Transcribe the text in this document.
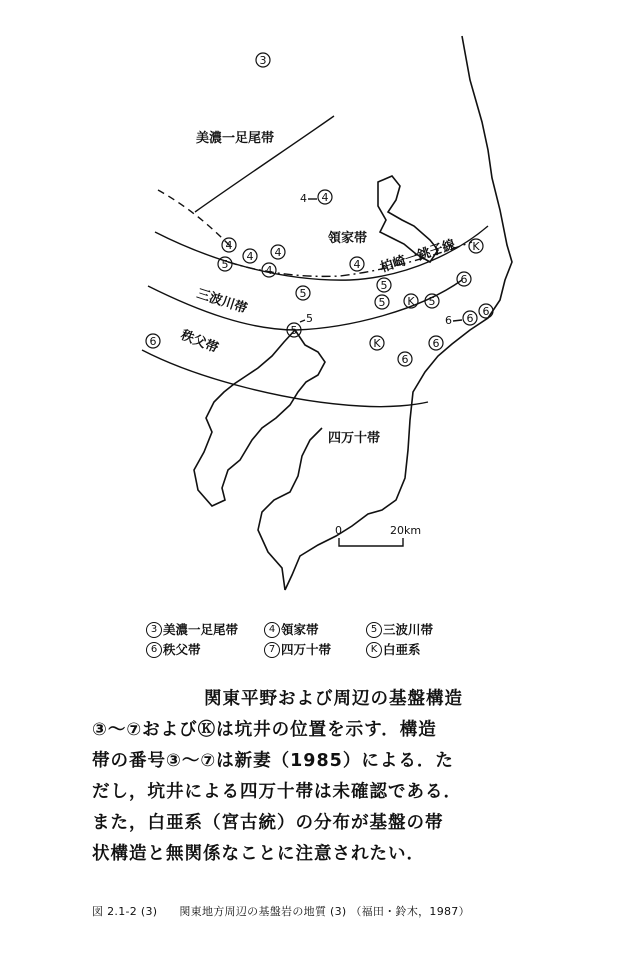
美濃一足尾帯
領家帯
三波川帯
秩父帯
四万十帯
柏崎一銚子線
3
4
4
4
4 4
4
5
5
4
5
5	5
5
5
K
K
K
6
6
6
6
6
6
6
0	20km
3 美濃一足尾帯	4 領家帯	5 三波川帯
6 秩父帯	7 四万十帯	K 白亜系
関東平野および周辺の基盤構造
③～⑦およびⓀは坑井の位置を示す．構造
帯の番号③～⑦は新妻（1985）による．た
だし，坑井による四万十帯は未確認である．
また，白亜系（宮古統）の分布が基盤の帯
状構造と無関係なことに注意されたい．
図 2.1-2 (3) 関東地方周辺の基盤岩の地質 (3) （福田・鈴木，1987）
